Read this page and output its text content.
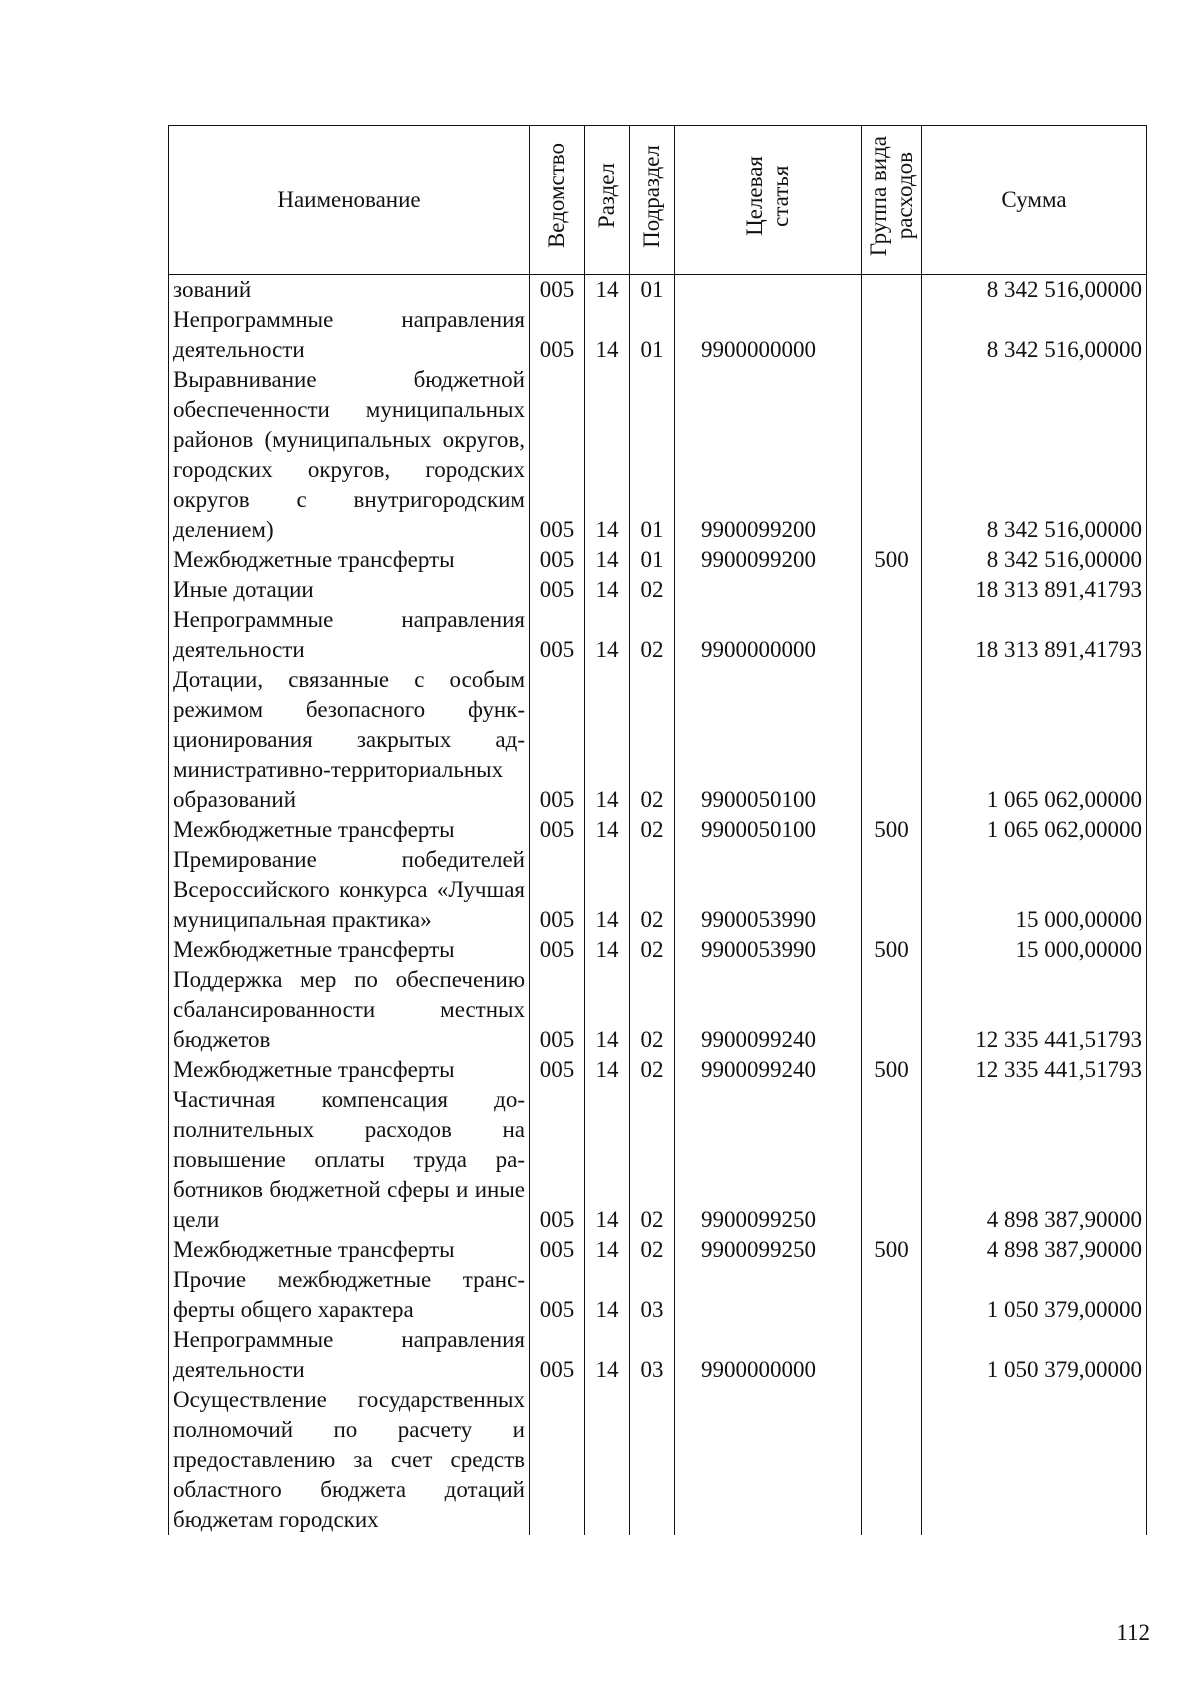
Наименование	Ведомство	Раздел	Подраздел	Целевая статья	Группа вида расходов	Сумма
зований	005	14	01			8 342 516,00000
Непрограммные направления деятельности	005	14	01	9900000000		8 342 516,00000
Выравнивание бюджетной обеспеченности муниципальных районов (муниципальных округов, городских округов, городских округов с внутригородским делением)	005	14	01	9900099200		8 342 516,00000
Межбюджетные трансферты	005	14	01	9900099200	500	8 342 516,00000
Иные дотации	005	14	02			18 313 891,41793
Непрограммные направления деятельности	005	14	02	9900000000		18 313 891,41793
Дотации, связанные с особым режимом безопасного функционирования закрытых административно-территориальных образований	005	14	02	9900050100		1 065 062,00000
Межбюджетные трансферты	005	14	02	9900050100	500	1 065 062,00000
Премирование победителей Всероссийского конкурса «Лучшая муниципальная практика»	005	14	02	9900053990		15 000,00000
Межбюджетные трансферты	005	14	02	9900053990	500	15 000,00000
Поддержка мер по обеспечению сбалансированности местных бюджетов	005	14	02	9900099240		12 335 441,51793
Межбюджетные трансферты	005	14	02	9900099240	500	12 335 441,51793
Частичная компенсация дополнительных расходов на повышение оплаты труда работников бюджетной сферы и иные цели	005	14	02	9900099250		4 898 387,90000
Межбюджетные трансферты	005	14	02	9900099250	500	4 898 387,90000
Прочие межбюджетные трансферты общего характера	005	14	03			1 050 379,00000
Непрограммные направления деятельности	005	14	03	9900000000		1 050 379,00000
Осуществление государственных полномочий по расчету и предоставлению за счет средств областного бюджета дотаций бюджетам городских						
112
